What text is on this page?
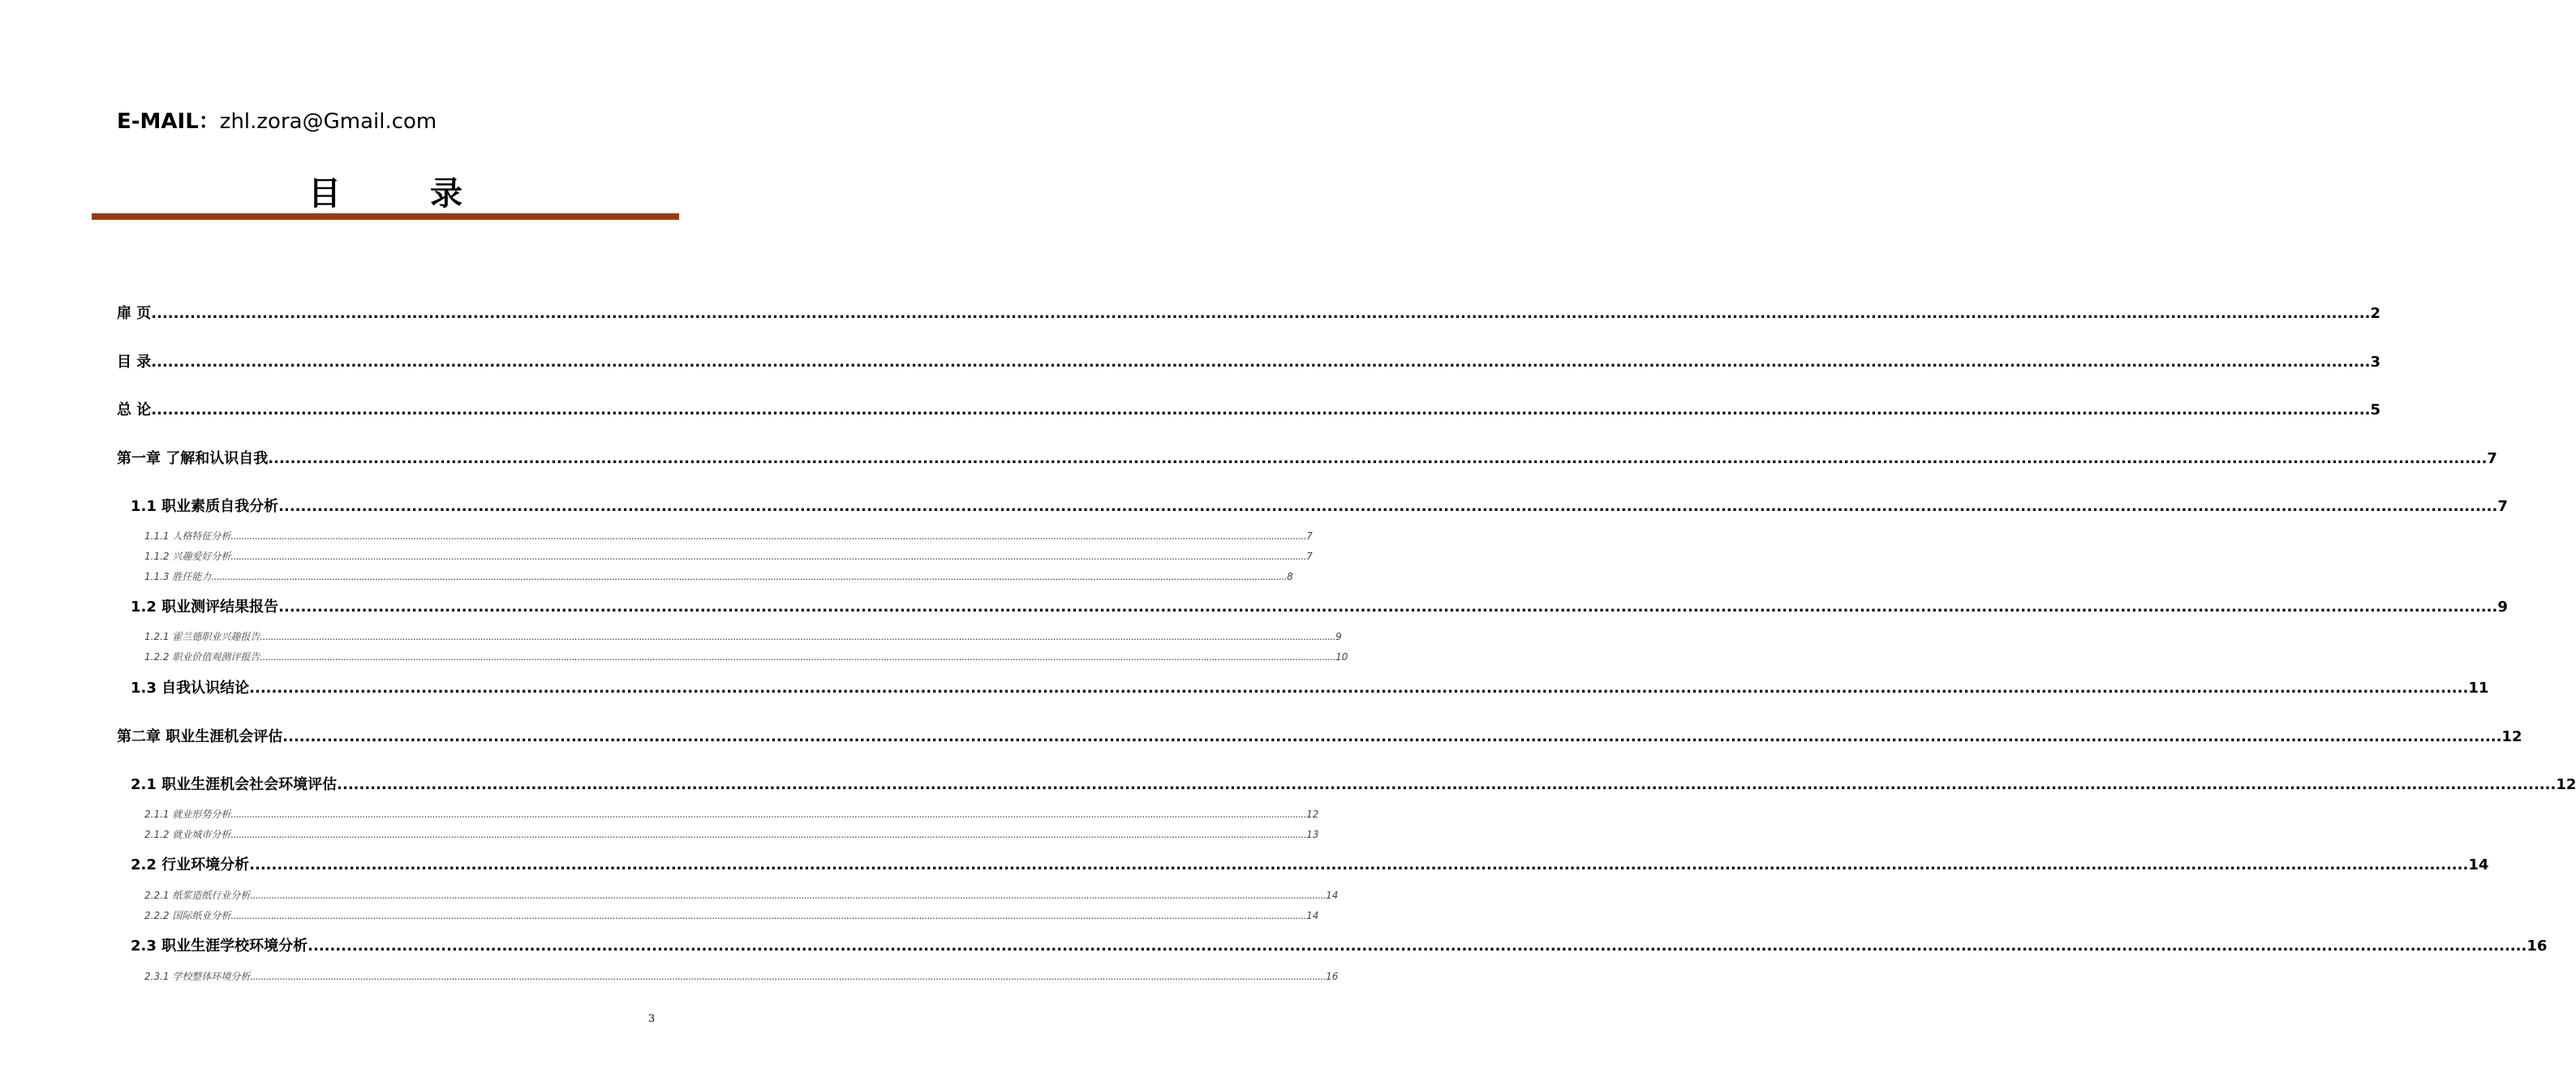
E-MAIL：zhl.zora@Gmail.com
目 录
扉 页 ................................................................................................................................................................................................................................................................................................................................................................................................................ 2
目 录 ................................................................................................................................................................................................................................................................................................................................................................................................................ 3
总 论 ................................................................................................................................................................................................................................................................................................................................................................................................................ 5
第一章 了解和认识自我 ................................................................................................................................................................................................................................................................................................................................................................................................................ 7
1.1 职业素质自我分析 ................................................................................................................................................................................................................................................................................................................................................................................................................ 7
1.1.1 人格特征分析 ................................................................................................................................................................................................................................................................................................................................................................................................................ 7
1.1.2 兴趣爱好分析 ................................................................................................................................................................................................................................................................................................................................................................................................................ 7
1.1.3 胜任能力 ................................................................................................................................................................................................................................................................................................................................................................................................................ 8
1.2 职业测评结果报告 ................................................................................................................................................................................................................................................................................................................................................................................................................ 9
1.2.1 霍兰德职业兴趣报告 ................................................................................................................................................................................................................................................................................................................................................................................................................ 9
1.2.2 职业价值观测评报告 ................................................................................................................................................................................................................................................................................................................................................................................................................ 10
1.3 自我认识结论 ................................................................................................................................................................................................................................................................................................................................................................................................................ 11
第二章 职业生涯机会评估 ................................................................................................................................................................................................................................................................................................................................................................................................................ 12
2.1 职业生涯机会社会环境评估 ................................................................................................................................................................................................................................................................................................................................................................................................................ 12
2.1.1 就业形势分析 ................................................................................................................................................................................................................................................................................................................................................................................................................ 12
2.1.2 就业城市分析 ................................................................................................................................................................................................................................................................................................................................................................................................................ 13
2.2 行业环境分析 ................................................................................................................................................................................................................................................................................................................................................................................................................ 14
2.2.1 纸浆造纸行业分析 ................................................................................................................................................................................................................................................................................................................................................................................................................ 14
2.2.2 国际纸业分析 ................................................................................................................................................................................................................................................................................................................................................................................................................ 14
2.3 职业生涯学校环境分析 ................................................................................................................................................................................................................................................................................................................................................................................................................ 16
2.3.1 学校整体环境分析 ................................................................................................................................................................................................................................................................................................................................................................................................................ 16
3
